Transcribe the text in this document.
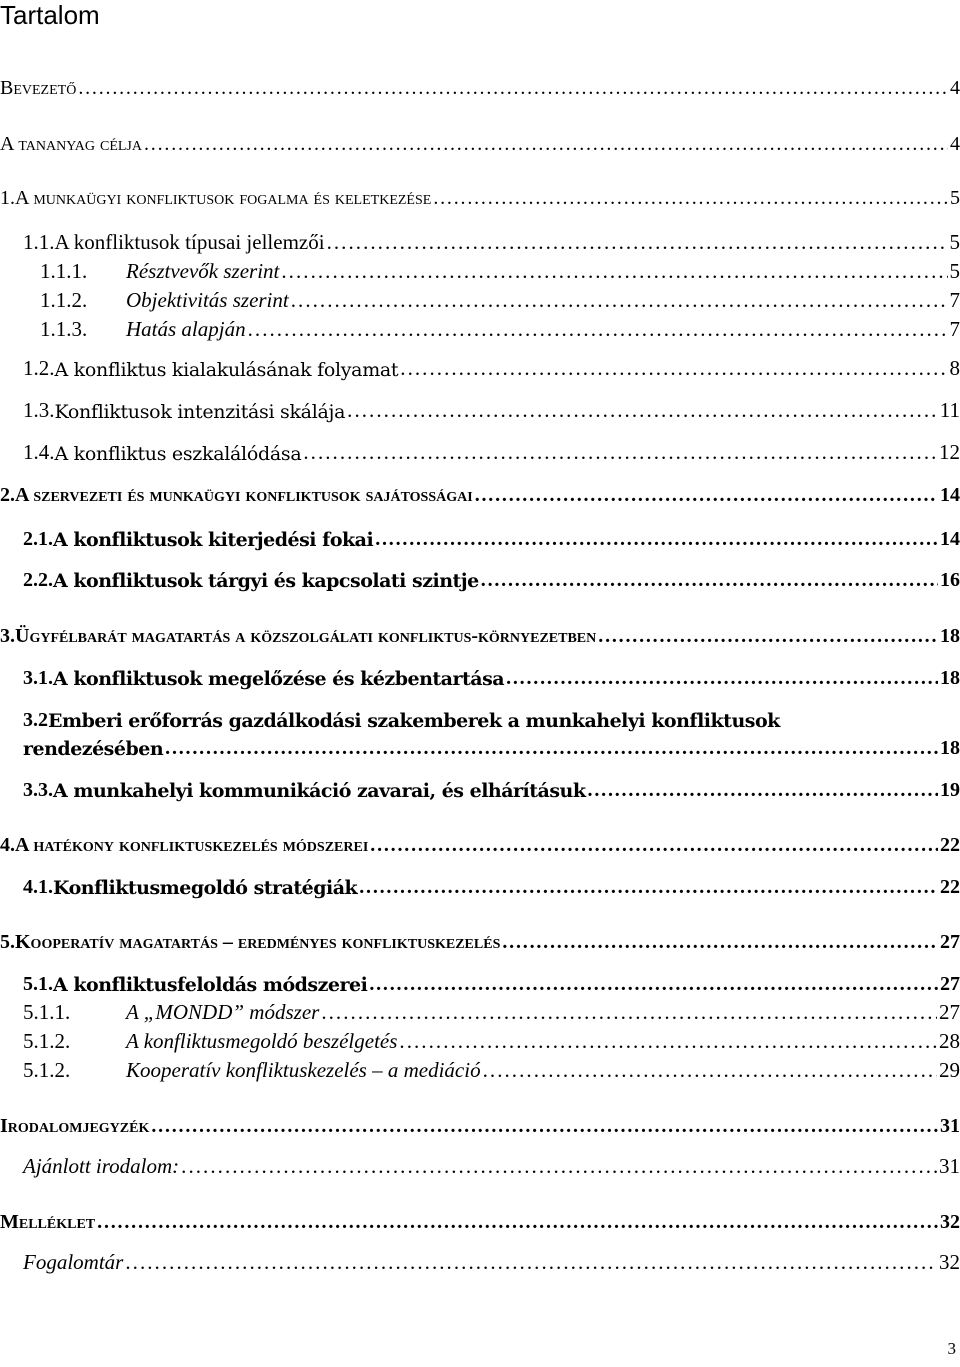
Tartalom
Bevezető . . .	4
A tananyag célja . . .	4
1. A munkaügyi konfliktusok fogalma és keletkezése . . .	5
1.1. A konfliktusok típusai jellemzői . . .	5
1.1.1.	Résztvevők szerint . . .	5
1.1.2.	Objektivitás szerint . . .	7
1.1.3.	Hatás alapján . . .	7
1.2. A konfliktus kialakulásának folyamat . . .	8
1.3. Konfliktusok intenzitási skálája . . .	11
1.4. A konfliktus eszkalálódása . . .	12
2. A szervezeti és munkaügyi konfliktusok sajátosságai . . .	14
2.1. A konfliktusok kiterjedési fokai . . .	14
2.2. A konfliktusok tárgyi és kapcsolati szintje . . .	16
3. Ügyfélbarát magatartás a közszolgálati konfliktus-környezetben . . .	18
3.1. A konfliktusok megelőzése és kézbentartása . . .	18
3.2 Emberi erőforrás gazdálkodási szakemberek a munkahelyi konfliktusok
rendezésében . . .	18
3.3. A munkahelyi kommunikáció zavarai, és elhárításuk . . .	19
4. A hatékony konfliktuskezelés módszerei . . .	22
4.1. Konfliktusmegoldó stratégiák . . .	22
5. Kooperatív magatartás – eredményes konfliktuskezelés . . .	27
5.1. A konfliktusfeloldás módszerei . . .	27
5.1.1.	A „MONDD” módszer . . .	27
5.1.2.	A konfliktusmegoldó beszélgetés . . .	28
5.1.2.	Kooperatív konfliktuskezelés – a mediáció . . .	29
Irodalomjegyzék . . .	31
Ajánlott irodalom: . . .	31
Melléklet . . .	32
Fogalomtár . . .	32
3
